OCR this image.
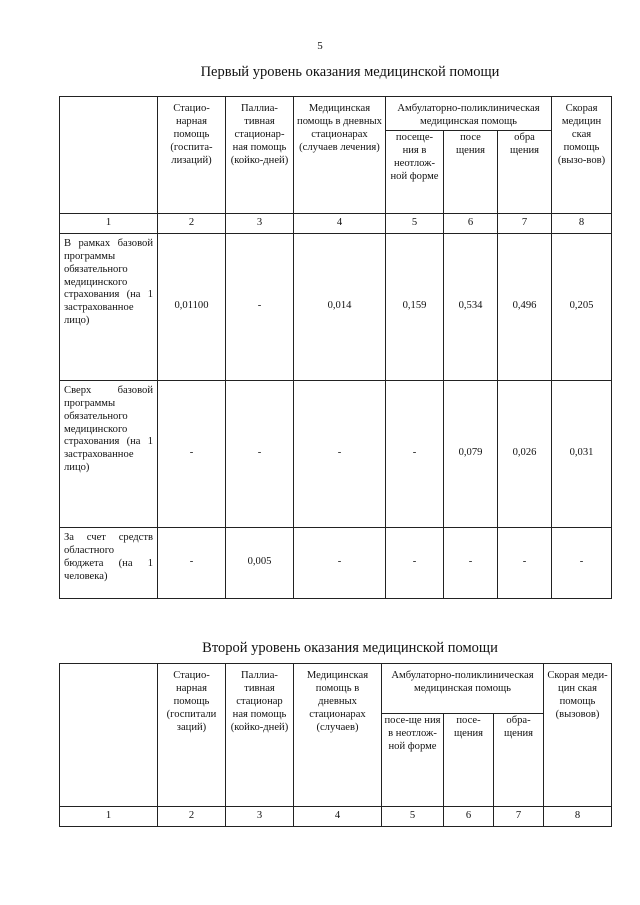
5
Первый уровень оказания медицинской помощи
	Стацио-нарная помощь (госпита-лизаций)	Паллиа-тивная стационар-ная помощь (койко-дней)	Медицинская помощь в дневных стационарах (случаев лечения)	Амбулаторно-поликлиническая медицинская помощь			Скорая медицин ская помощь (вызо-вов)
				посеще-ния в неотлож-ной форме	посе щения	обра щения	
1	2	3	4	5	6	7	8
В рамках базовой программы обязательного медицинского страхования (на 1 застрахованное лицо)	0,01100	-	0,014	0,159	0,534	0,496	0,205
Сверх базовой программы обязательного медицинского страхования (на 1 застрахованное лицо)	-	-	-	-	0,079	0,026	0,031
За счет средств областного бюджета (на 1 человека)	-	0,005	-	-	-	-	-
Второй уровень оказания медицинской помощи
	Стацио-нарная помощь (госпитали заций)	Паллиа-тивная стационар ная помощь (койко-дней)	Медицинская помощь в дневных стационарах (случаев)	Амбулаторно-поликлиническая медицинская помощь			Скорая меди-цин ская помощь (вызовов)
				посе-ще ния в неотлож-ной форме	посе-щения	обра-щения	
1	2	3	4	5	6	7	8
